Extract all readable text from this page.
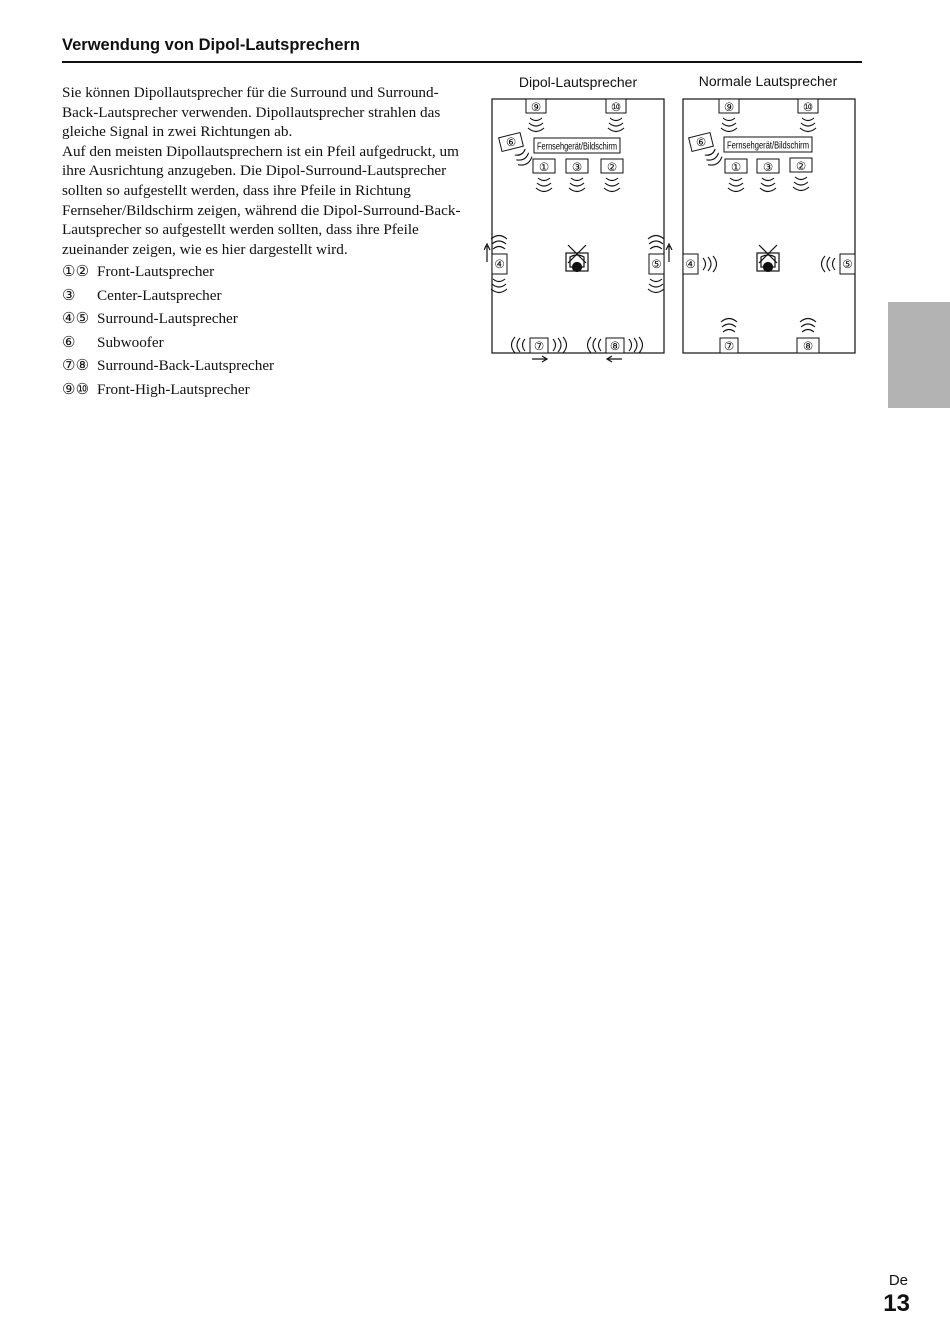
Verwendung von Dipol-Lautsprechern

Sie können Dipollautsprecher für die Surround und Surround-Back-Lautsprecher verwenden. Dipollautsprecher strahlen das gleiche Signal in zwei Richtungen ab.

Auf den meisten Dipollautsprechern ist ein Pfeil aufgedruckt, um ihre Ausrichtung anzugeben. Die Dipol-Surround-Lautsprecher sollten so aufgestellt werden, dass ihre Pfeile in Richtung Fernseher/Bildschirm zeigen, während die Dipol-Surround-Back-Lautsprecher so aufgestellt werden sollten, dass ihre Pfeile zueinander zeigen, wie es hier dargestellt wird.

①② Front-Lautsprecher
③ Center-Lautsprecher
④⑤ Surround-Lautsprecher
⑥ Subwoofer
⑦⑧ Surround-Back-Lautsprecher
⑨⑩ Front-High-Lautsprecher
Dipol-Lautsprecher
⑨	⑩
⑥ Fernsehgerät/Bildschirm
① ③ ②
④	⑤
⑦	⑧
Normale Lautsprecher
⑨	⑩
⑥ Fernsehgerät/Bildschirm
① ③ ②
④	⑤
⑦	⑧
De
13
